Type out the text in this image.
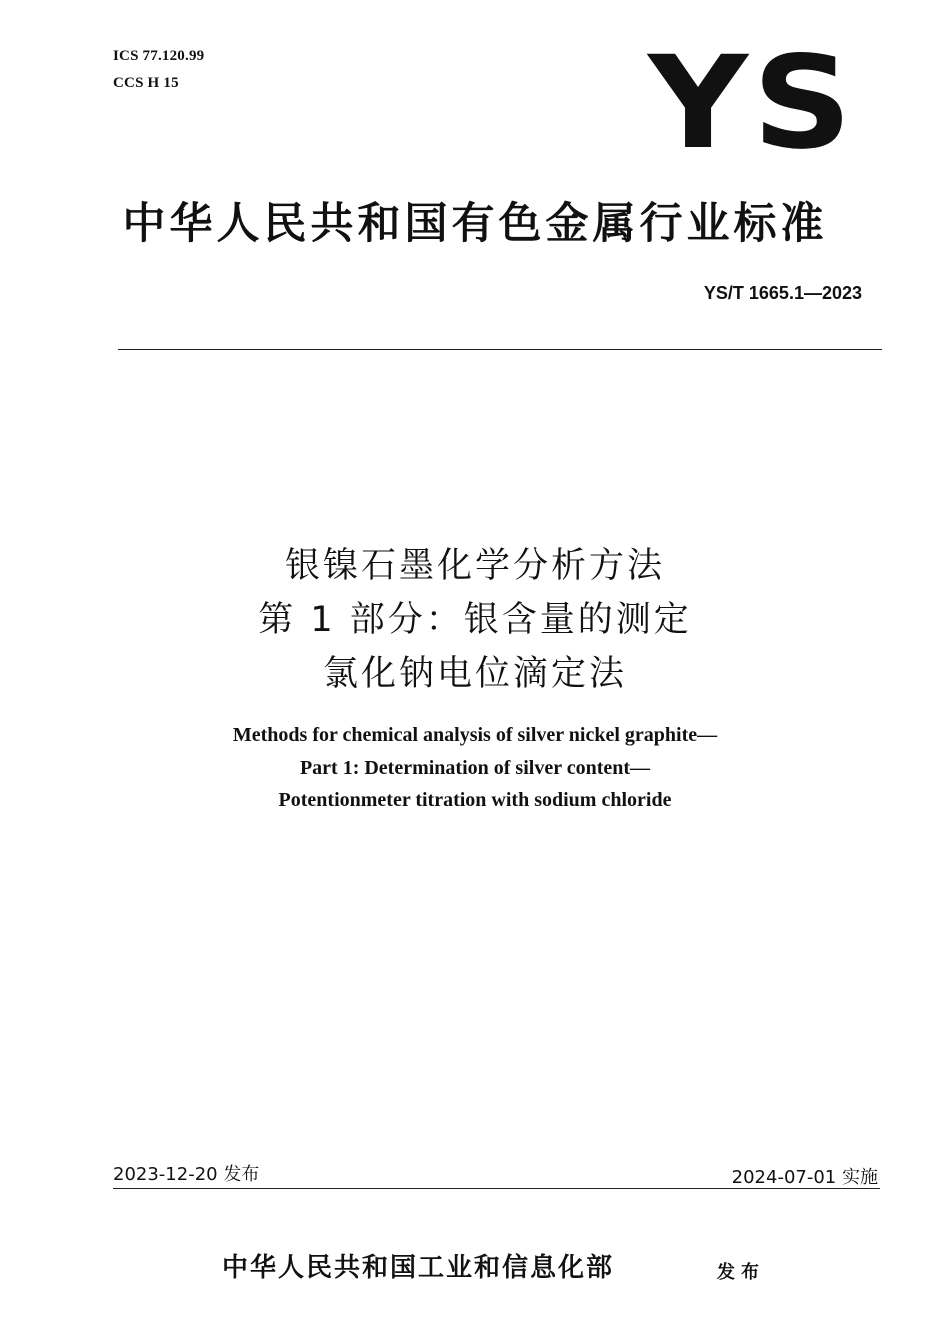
ICS 77.120.99
CCS H 15	YS
中华人民共和国有色金属行业标准
YS/T 1665.1—2023
银镍石墨化学分析方法
第 1 部分：银含量的测定
氯化钠电位滴定法
Methods for chemical analysis of silver nickel graphite—
Part 1: Determination of silver content—
Potentionmeter titration with sodium chloride
2023-12-20 发布	2024-07-01 实施
中华人民共和国工业和信息化部	发布
